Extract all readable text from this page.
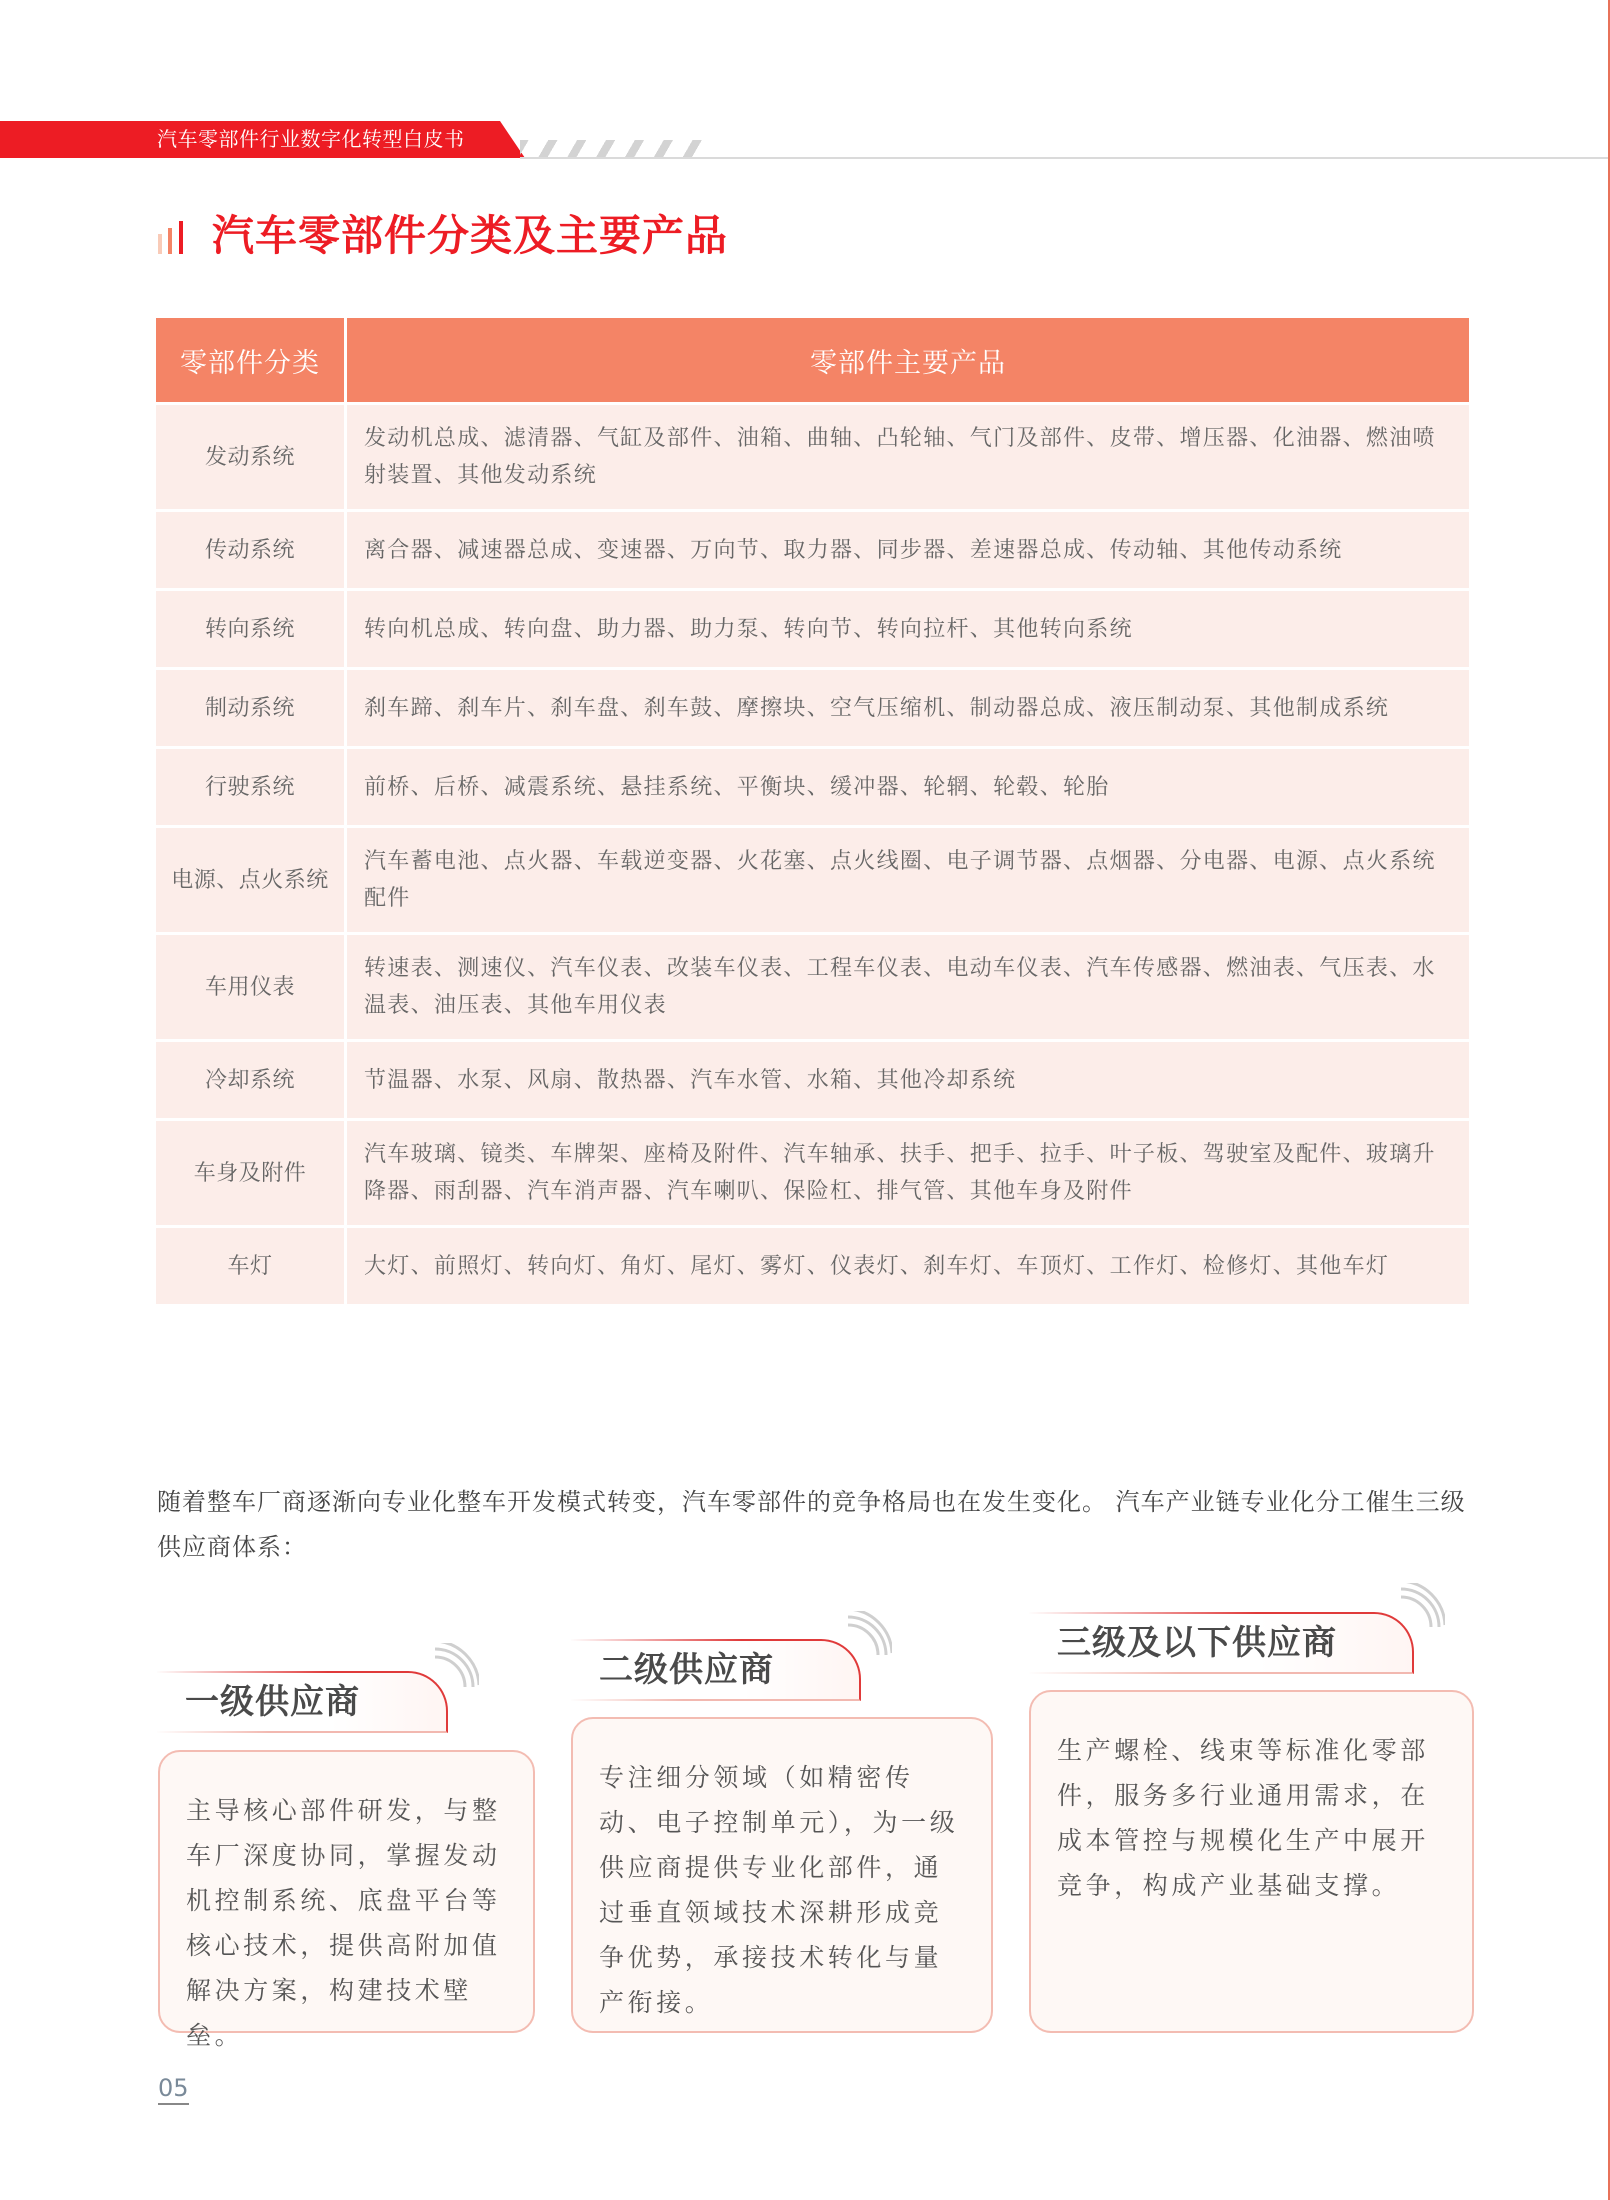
汽车零部件行业数字化转型白皮书
汽车零部件分类及主要产品
零部件分类	零部件主要产品
发动系统	发动机总成、滤清器、气缸及部件、油箱、曲轴、凸轮轴、气门及部件、皮带、增压器、化油器、燃油喷射装置、其他发动系统
传动系统	离合器、减速器总成、变速器、万向节、取力器、同步器、差速器总成、传动轴、其他传动系统
转向系统	转向机总成、转向盘、助力器、助力泵、转向节、转向拉杆、其他转向系统
制动系统	刹车蹄、刹车片、刹车盘、刹车鼓、摩擦块、空气压缩机、制动器总成、液压制动泵、其他制成系统
行驶系统	前桥、后桥、减震系统、悬挂系统、平衡块、缓冲器、轮辋、轮毂、轮胎
电源、点火系统	汽车蓄电池、点火器、车载逆变器、火花塞、点火线圈、电子调节器、点烟器、分电器、电源、点火系统配件
车用仪表	转速表、测速仪、汽车仪表、改装车仪表、工程车仪表、电动车仪表、汽车传感器、燃油表、气压表、水温表、油压表、其他车用仪表
冷却系统	节温器、水泵、风扇、散热器、汽车水管、水箱、其他冷却系统
车身及附件	汽车玻璃、镜类、车牌架、座椅及附件、汽车轴承、扶手、把手、拉手、叶子板、驾驶室及配件、玻璃升降器、雨刮器、汽车消声器、汽车喇叭、保险杠、排气管、其他车身及附件
车灯	大灯、前照灯、转向灯、角灯、尾灯、雾灯、仪表灯、刹车灯、车顶灯、工作灯、检修灯、其他车灯

随着整车厂商逐渐向专业化整车开发模式转变，汽车零部件的竞争格局也在发生变化。 汽车产业链专业化分工催生三级供应商体系：

一级供应商

主导核心部件研发，与整车厂深度协同，掌握发动机控制系统、底盘平台等核心技术，提供高附加值解决方案，构建技术壁垒。

二级供应商

专注细分领域（如精密传动、电子控制单元），为一级供应商提供专业化部件，通过垂直领域技术深耕形成竞争优势，承接技术转化与量产衔接。

三级及以下供应商

生产螺栓、线束等标准化零部件，服务多行业通用需求，在成本管控与规模化生产中展开竞争，构成产业基础支撑。

05
